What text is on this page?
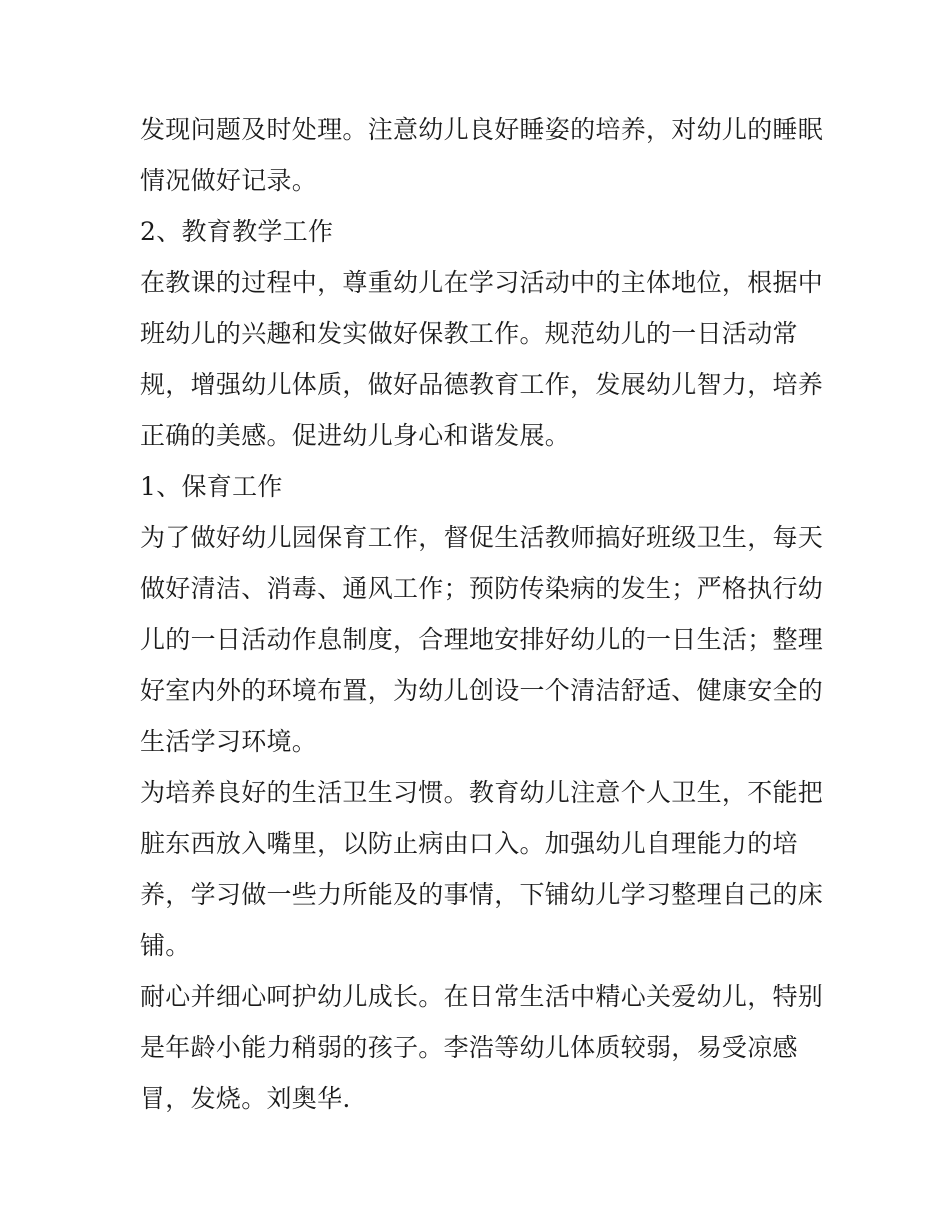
发现问题及时处理。注意幼儿良好睡姿的培养，对幼儿的睡眠
情况做好记录。
2、教育教学工作
在教课的过程中，尊重幼儿在学习活动中的主体地位，根据中
班幼儿的兴趣和发实做好保教工作。规范幼儿的一日活动常
规，增强幼儿体质，做好品德教育工作，发展幼儿智力，培养
正确的美感。促进幼儿身心和谐发展。
1、保育工作
为了做好幼儿园保育工作，督促生活教师搞好班级卫生，每天
做好清洁、消毒、通风工作；预防传染病的发生；严格执行幼
儿的一日活动作息制度，合理地安排好幼儿的一日生活；整理
好室内外的环境布置，为幼儿创设一个清洁舒适、健康安全的
生活学习环境。
为培养良好的生活卫生习惯。教育幼儿注意个人卫生，不能把
脏东西放入嘴里，以防止病由口入。加强幼儿自理能力的培
养，学习做一些力所能及的事情，下铺幼儿学习整理自己的床
铺。
耐心并细心呵护幼儿成长。在日常生活中精心关爱幼儿，特别
是年龄小能力稍弱的孩子。李浩等幼儿体质较弱，易受凉感
冒，发烧。刘奥华.
